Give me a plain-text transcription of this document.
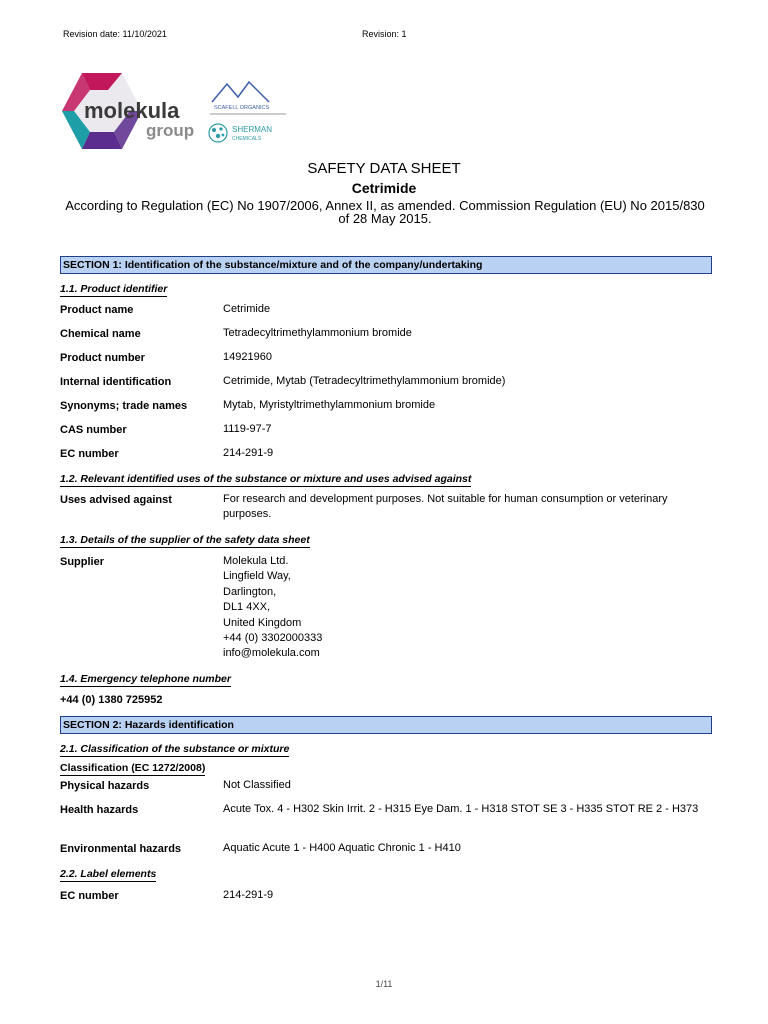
Revision date: 11/10/2021	Revision: 1
molekula
group
SCAFELL ORGANICS
SHERMAN
CHEMICALS
SAFETY DATA SHEET
Cetrimide
According to Regulation (EC) No 1907/2006, Annex II, as amended. Commission Regulation (EU) No 2015/830 of 28 May 2015.
SECTION 1: Identification of the substance/mixture and of the company/undertaking
1.1. Product identifier
Product name	Cetrimide
Chemical name	Tetradecyltrimethylammonium bromide
Product number	14921960
Internal identification	Cetrimide, Mytab (Tetradecyltrimethylammonium bromide)
Synonyms; trade names	Mytab, Myristyltrimethylammonium bromide
CAS number	1119-97-7
EC number	214-291-9
1.2. Relevant identified uses of the substance or mixture and uses advised against
Uses advised against	For research and development purposes. Not suitable for human consumption or veterinary purposes.
1.3. Details of the supplier of the safety data sheet
Supplier	Molekula Ltd.
Lingfield Way,
Darlington,
DL1 4XX,
United Kingdom
+44 (0) 3302000333
info@molekula.com
1.4. Emergency telephone number
+44 (0) 1380 725952
SECTION 2: Hazards identification
2.1. Classification of the substance or mixture
Classification (EC 1272/2008)
Physical hazards	Not Classified
Health hazards	Acute Tox. 4 - H302 Skin Irrit. 2 - H315 Eye Dam. 1 - H318 STOT SE 3 - H335 STOT RE 2 - H373
Environmental hazards	Aquatic Acute 1 - H400 Aquatic Chronic 1 - H410
2.2. Label elements
EC number	214-291-9
1/11
